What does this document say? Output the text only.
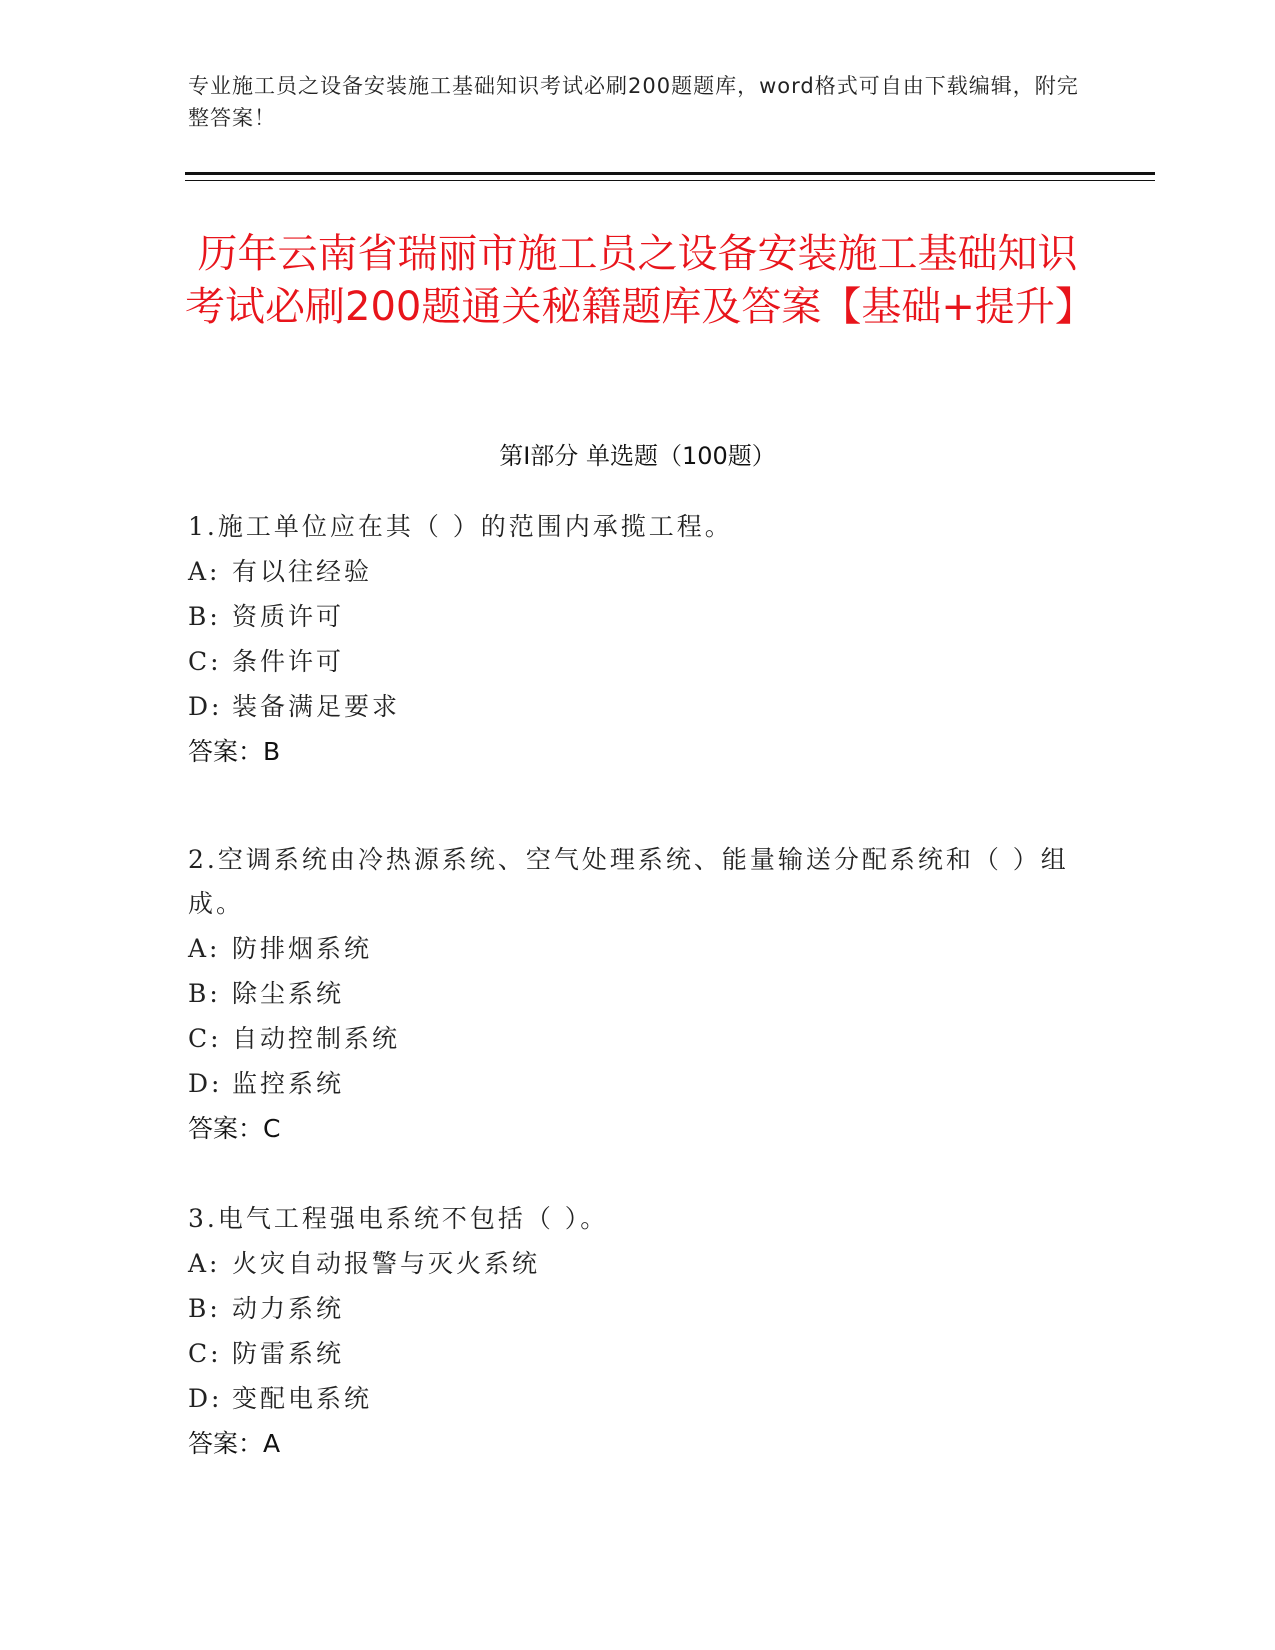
专业施工员之设备安装施工基础知识考试必刷200题题库，word格式可自由下载编辑，附完整答案！
历年云南省瑞丽市施工员之设备安装施工基础知识考试必刷200题通关秘籍题库及答案【基础+提升】
第Ⅰ部分 单选题（100题）
1.施工单位应在其（ ）的范围内承揽工程。
A: 有以往经验
B: 资质许可
C: 条件许可
D: 装备满足要求
答案：B
2.空调系统由冷热源系统、空气处理系统、能量输送分配系统和（ ）组成。
A: 防排烟系统
B: 除尘系统
C: 自动控制系统
D: 监控系统
答案：C
3.电气工程强电系统不包括（ ）。
A: 火灾自动报警与灭火系统
B: 动力系统
C: 防雷系统
D: 变配电系统
答案：A
